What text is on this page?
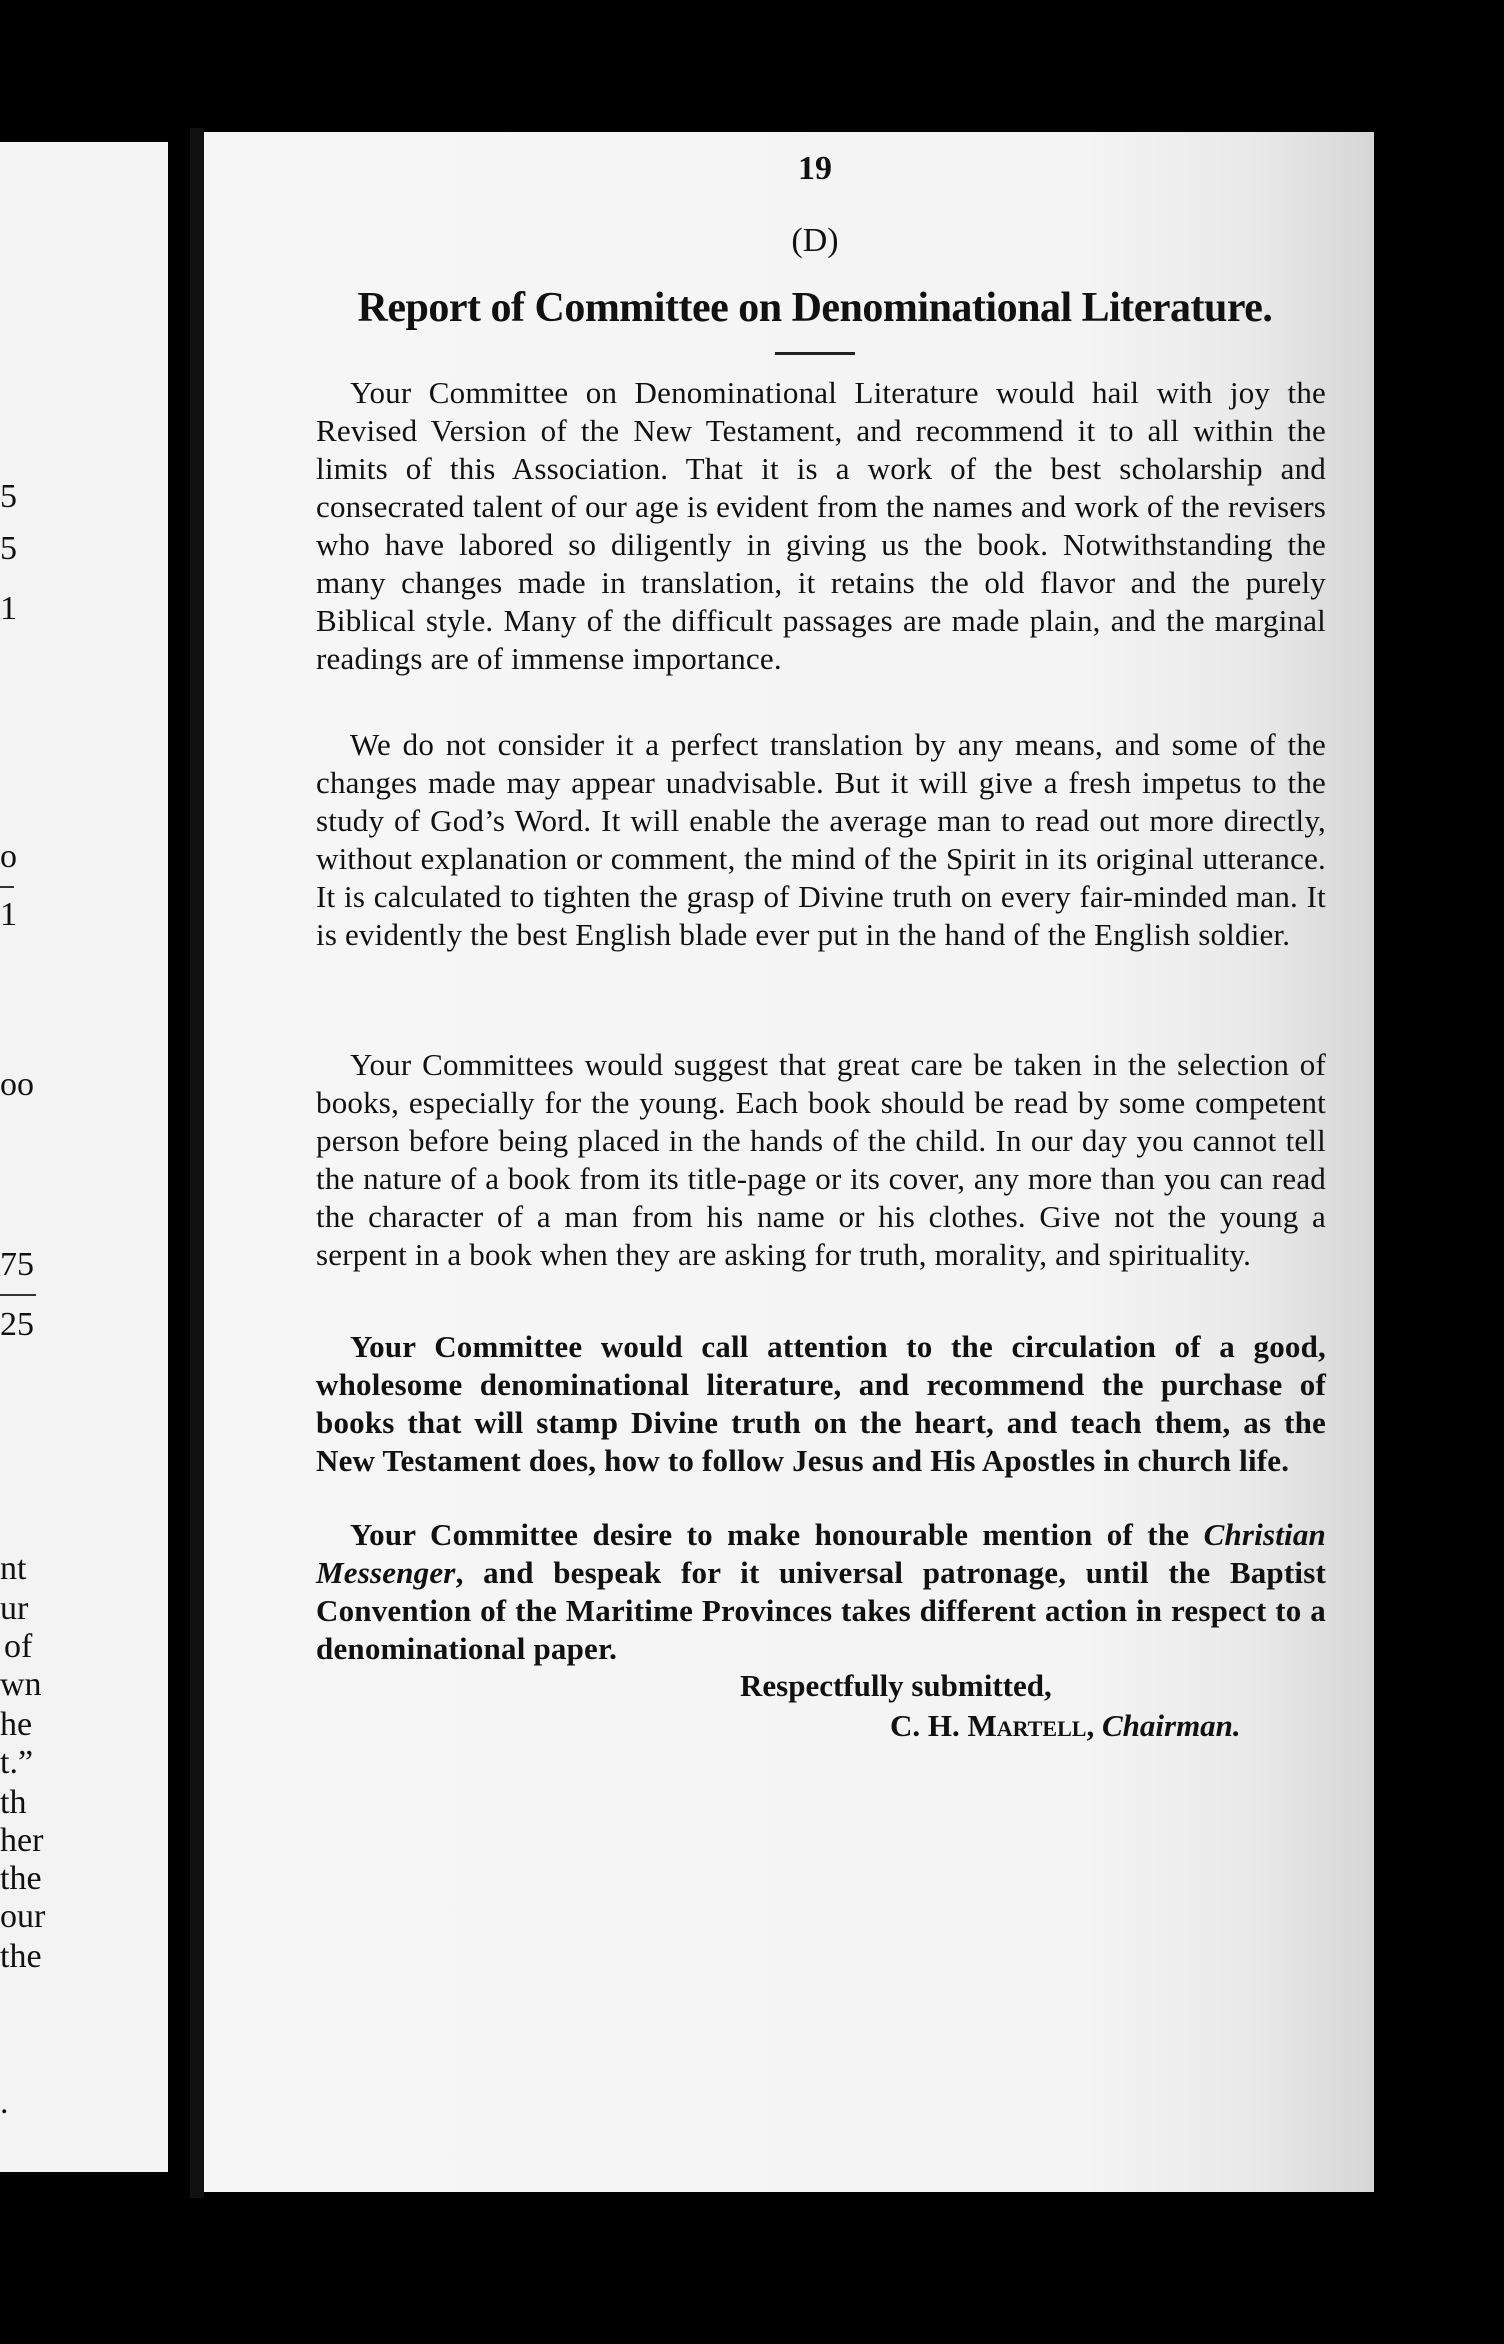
5
5
1
o
1
oo
75
25
nt
ur
of
wn
he
t.”
th
her
the
our
the
.
19
(D)
Report of Committee on Denominational Literature.

Your Committee on Denominational Literature would hail with joy the Revised Version of the New Testament, and recommend it to all within the limits of this Association. That it is a work of the best scholarship and consecrated talent of our age is evident from the names and work of the revisers who have labored so diligently in giving us the book. Notwithstanding the many changes made in translation, it retains the old flavor and the purely Biblical style. Many of the difficult passages are made plain, and the marginal readings are of immense importance.

We do not consider it a perfect translation by any means, and some of the changes made may appear unadvisable. But it will give a fresh impetus to the study of God’s Word. It will enable the average man to read out more directly, without explanation or comment, the mind of the Spirit in its original utterance. It is calculated to tighten the grasp of Divine truth on every fair-minded man. It is evidently the best English blade ever put in the hand of the English soldier.

Your Committees would suggest that great care be taken in the selection of books, especially for the young. Each book should be read by some competent person before being placed in the hands of the child. In our day you cannot tell the nature of a book from its title-page or its cover, any more than you can read the character of a man from his name or his clothes. Give not the young a serpent in a book when they are asking for truth, morality, and spirituality.

Your Committee would call attention to the circulation of a good, wholesome denominational literature, and recommend the purchase of books that will stamp Divine truth on the heart, and teach them, as the New Testament does, how to follow Jesus and His Apostles in church life.

Your Committee desire to make honourable mention of the Christian Messenger, and bespeak for it universal patronage, until the Baptist Convention of the Maritime Provinces takes different action in respect to a denominational paper.

Respectfully submitted,
C. H. Martell, Chairman.
